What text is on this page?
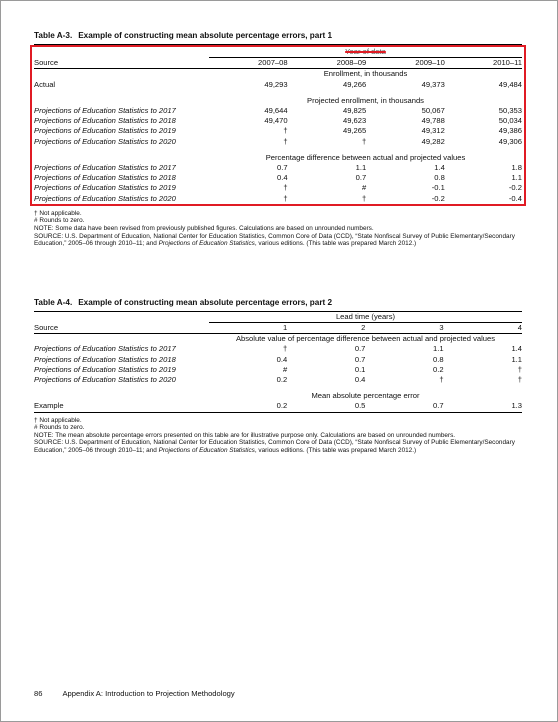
Table A-3. Example of constructing mean absolute percentage errors, part 1
	Year of data			
Source	2007–08	2008–09	2009–10	2010–11
	Enrollment, in thousands			
Actual	49,293	49,266	49,373	49,484

	Projected enrollment, in thousands			
Projections of Education Statistics to 2017	49,644	49,825	50,067	50,353
Projections of Education Statistics to 2018	49,470	49,623	49,788	50,034
Projections of Education Statistics to 2019	†	49,265	49,312	49,386
Projections of Education Statistics to 2020	†	†	49,282	49,306

	Percentage difference between actual and projected values			
Projections of Education Statistics to 2017	0.7	1.1	1.4	1.8
Projections of Education Statistics to 2018	0.4	0.7	0.8	1.1
Projections of Education Statistics to 2019	†	#	-0.1	-0.2
Projections of Education Statistics to 2020	†	†	-0.2	-0.4

† Not applicable.

# Rounds to zero.

NOTE: Some data have been revised from previously published figures. Calculations are based on unrounded numbers.

SOURCE: U.S. Department of Education, National Center for Education Statistics, Common Core of Data (CCD), “State Nonfiscal Survey of Public Elementary/Secondary Education,” 2005–06 through 2010–11; and Projections of Education Statistics, various editions. (This table was prepared March 2012.)

Table A-4. Example of constructing mean absolute percentage errors, part 2
	Lead time (years)			
Source	1	2	3	4
	Absolute value of percentage difference between actual and projected values			
Projections of Education Statistics to 2017	†	0.7	1.1	1.4
Projections of Education Statistics to 2018	0.4	0.7	0.8	1.1
Projections of Education Statistics to 2019	#	0.1	0.2	†
Projections of Education Statistics to 2020	0.2	0.4	†	†

	Mean absolute percentage error			
Example	0.2	0.5	0.7	1.3

† Not applicable.

# Rounds to zero.

NOTE: The mean absolute percentage errors presented on this table are for illustrative purpose only. Calculations are based on unrounded numbers.

SOURCE: U.S. Department of Education, National Center for Education Statistics, Common Core of Data (CCD), “State Nonfiscal Survey of Public Elementary/Secondary Education,” 2005–06 through 2010–11; and Projections of Education Statistics, various editions. (This table was prepared March 2012.)

86	Appendix A: Introduction to Projection Methodology
